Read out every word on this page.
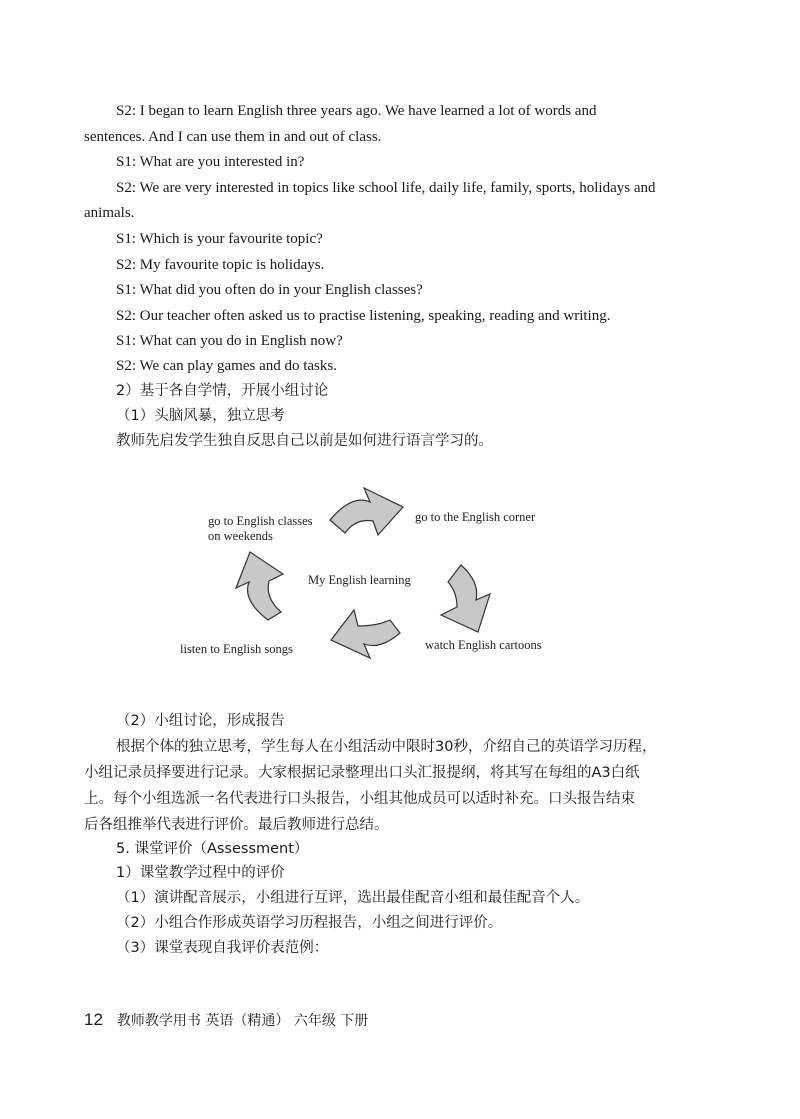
S2: I began to learn English three years ago. We have learned a lot of words and
sentences. And I can use them in and out of class.
S1: What are you interested in?
S2: We are very interested in topics like school life, daily life, family, sports, holidays and
animals.
S1: Which is your favourite topic?
S2: My favourite topic is holidays.
S1: What did you often do in your English classes?
S2: Our teacher often asked us to practise listening, speaking, reading and writing.
S1: What can you do in English now?
S2: We can play games and do tasks.
2）基于各自学情，开展小组讨论
（1）头脑风暴，独立思考
教师先启发学生独自反思自己以前是如何进行语言学习的。
go to English classes
on weekends
go to the English corner
My English learning
watch English cartoons
listen to English songs
（2）小组讨论，形成报告
根据个体的独立思考，学生每人在小组活动中限时30秒，介绍自己的英语学习历程，
小组记录员择要进行记录。大家根据记录整理出口头汇报提纲，将其写在每组的A3白纸
上。每个小组选派一名代表进行口头报告，小组其他成员可以适时补充。口头报告结束
后各组推举代表进行评价。最后教师进行总结。
5. 课堂评价（Assessment）
1）课堂教学过程中的评价
（1）演讲配音展示，小组进行互评，选出最佳配音小组和最佳配音个人。
（2）小组合作形成英语学习历程报告，小组之间进行评价。
（3）课堂表现自我评价表范例：
12 教师教学用书 英语（精通） 六年级 下册
